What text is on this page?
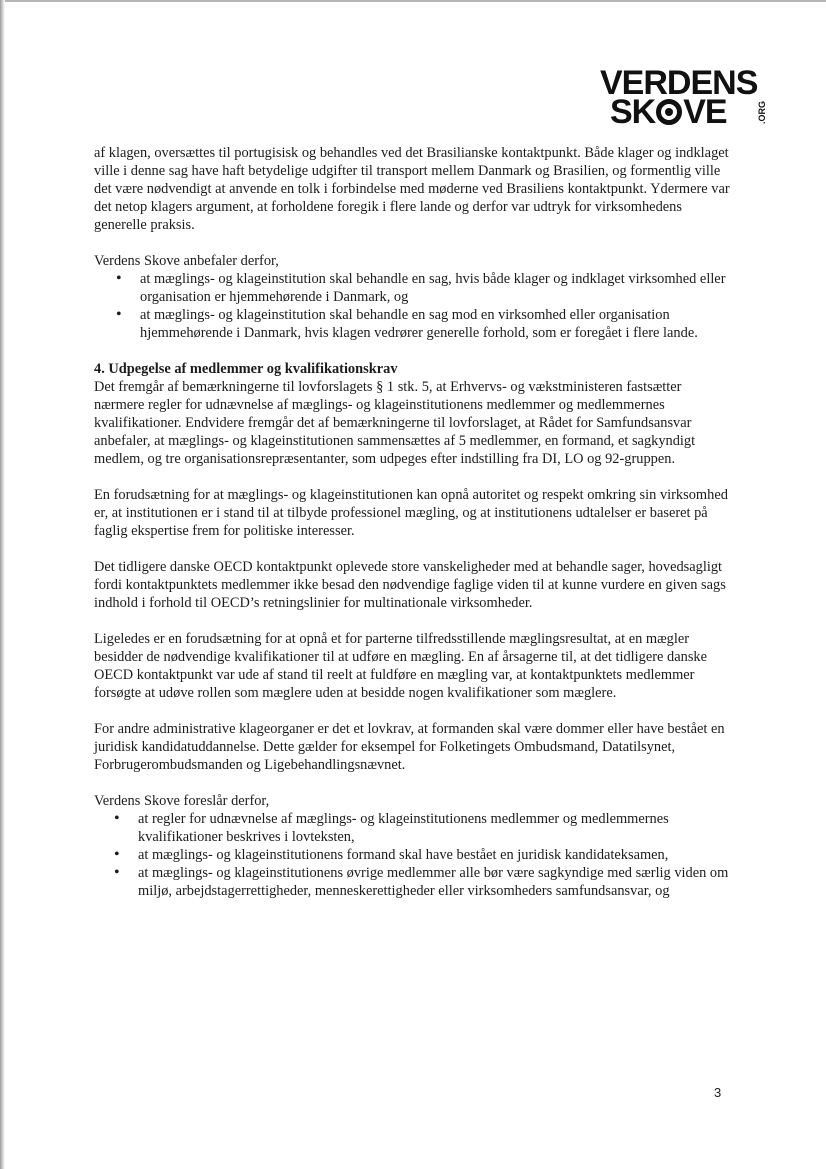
VERDENS
SK VE	.ORG

af klagen, oversættes til portugisisk og behandles ved det Brasilianske kontaktpunkt. Både klager og indklaget ville i denne sag have haft betydelige udgifter til transport mellem Danmark og Brasilien, og formentlig ville det være nødvendigt at anvende en tolk i forbindelse med møderne ved Brasiliens kontaktpunkt. Ydermere var det netop klagers argument, at forholdene foregik i flere lande og derfor var udtryk for virksomhedens generelle praksis.

Verdens Skove anbefaler derfor,

• at mæglings- og klageinstitution skal behandle en sag, hvis både klager og indklaget virksomhed eller organisation er hjemmehørende i Danmark, og
• at mæglings- og klageinstitution skal behandle en sag mod en virksomhed eller organisation hjemmehørende i Danmark, hvis klagen vedrører generelle forhold, som er foregået i flere lande.
4. Udpegelse af medlemmer og kvalifikationskrav

Det fremgår af bemærkningerne til lovforslagets § 1 stk. 5, at Erhvervs- og vækstministeren fastsætter nærmere regler for udnævnelse af mæglings- og klageinstitutionens medlemmer og medlemmernes kvalifikationer. Endvidere fremgår det af bemærkningerne til lovforslaget, at Rådet for Samfundsansvar anbefaler, at mæglings- og klageinstitutionen sammensættes af 5 medlemmer, en formand, et sagkyndigt medlem, og tre organisationsrepræsentanter, som udpeges efter indstilling fra DI, LO og 92-gruppen.

En forudsætning for at mæglings- og klageinstitutionen kan opnå autoritet og respekt omkring sin virksomhed er, at institutionen er i stand til at tilbyde professionel mægling, og at institutionens udtalelser er baseret på faglig ekspertise frem for politiske interesser.

Det tidligere danske OECD kontaktpunkt oplevede store vanskeligheder med at behandle sager, hovedsagligt fordi kontaktpunktets medlemmer ikke besad den nødvendige faglige viden til at kunne vurdere en given sags indhold i forhold til OECD’s retningslinier for multinationale virksomheder.

Ligeledes er en forudsætning for at opnå et for parterne tilfredsstillende mæglingsresultat, at en mægler besidder de nødvendige kvalifikationer til at udføre en mægling. En af årsagerne til, at det tidligere danske OECD kontaktpunkt var ude af stand til reelt at fuldføre en mægling var, at kontaktpunktets medlemmer forsøgte at udøve rollen som mæglere uden at besidde nogen kvalifikationer som mæglere.

For andre administrative klageorganer er det et lovkrav, at formanden skal være dommer eller have bestået en juridisk kandidatuddannelse. Dette gælder for eksempel for Folketingets Ombudsmand, Datatilsynet, Forbrugerombudsmanden og Ligebehandlingsnævnet.

Verdens Skove foreslår derfor,

• at regler for udnævnelse af mæglings- og klageinstitutionens medlemmer og medlemmernes kvalifikationer beskrives i lovteksten,
• at mæglings- og klageinstitutionens formand skal have bestået en juridisk kandidateksamen,
• at mæglings- og klageinstitutionens øvrige medlemmer alle bør være sagkyndige med særlig viden om miljø, arbejdstagerrettigheder, menneskerettigheder eller virksomheders samfundsansvar, og
3
